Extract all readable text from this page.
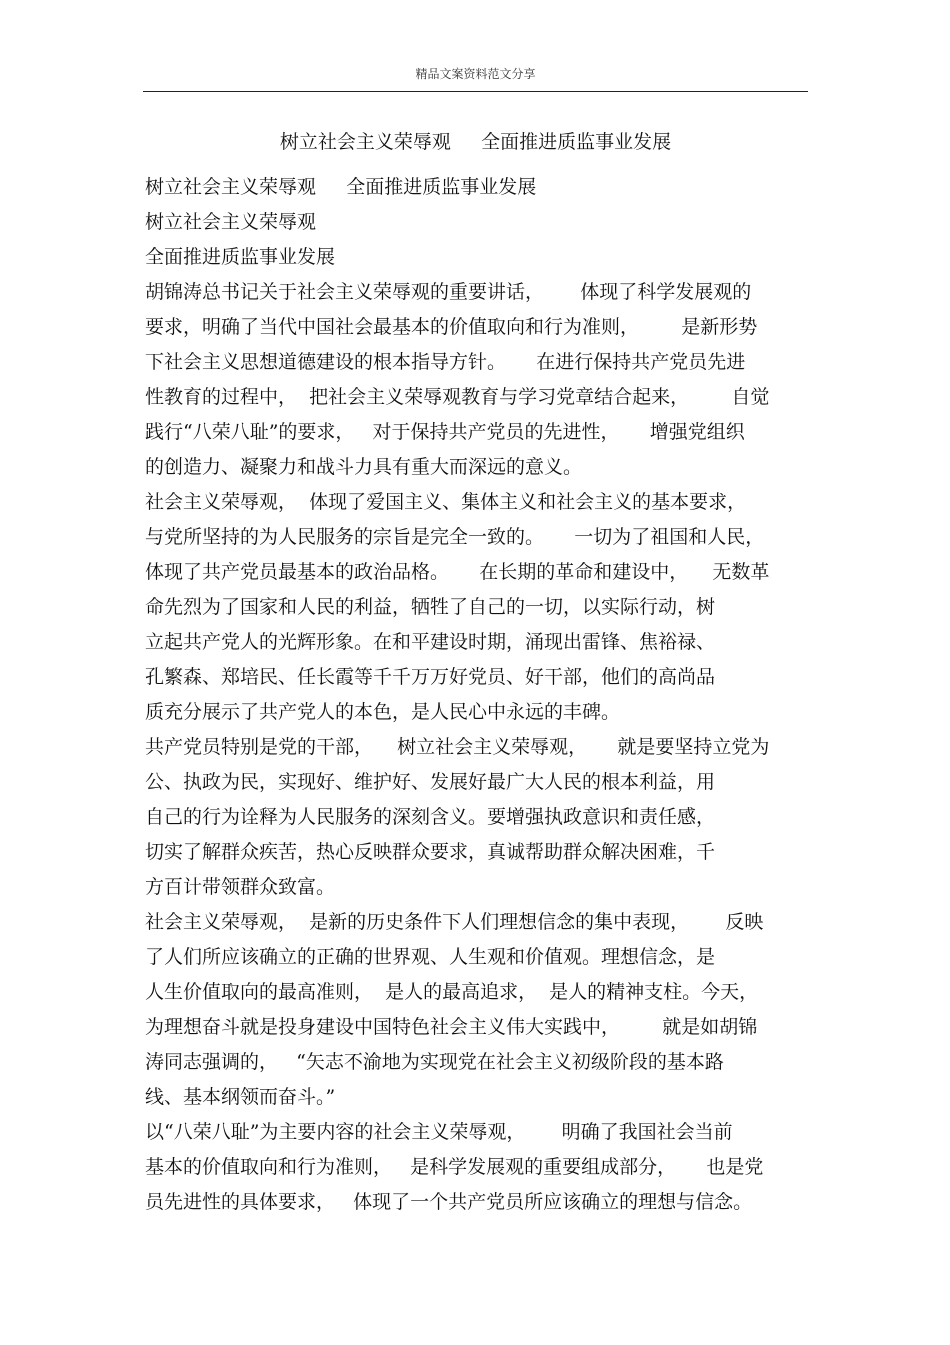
精品文案资料范文分享
树立社会主义荣辱观     全面推进质监事业发展
树立社会主义荣辱观     全面推进质监事业发展
树立社会主义荣辱观
全面推进质监事业发展
胡锦涛总书记关于社会主义荣辱观的重要讲话，      体现了科学发展观的
要求，明确了当代中国社会最基本的价值取向和行为准则，       是新形势
下社会主义思想道德建设的根本指导方针。     在进行保持共产党员先进
性教育的过程中，  把社会主义荣辱观教育与学习党章结合起来，       自觉
践行“八荣八耻”的要求，   对于保持共产党员的先进性，     增强党组织
的创造力、凝聚力和战斗力具有重大而深远的意义。
社会主义荣辱观，  体现了爱国主义、集体主义和社会主义的基本要求，
与党所坚持的为人民服务的宗旨是完全一致的。     一切为了祖国和人民，
体现了共产党员最基本的政治品格。     在长期的革命和建设中，    无数革
命先烈为了国家和人民的利益，牺牲了自己的一切，以实际行动，树
立起共产党人的光辉形象。在和平建设时期，涌现出雷锋、焦裕禄、
孔繁森、郑培民、任长霞等千千万万好党员、好干部，他们的高尚品
质充分展示了共产党人的本色，是人民心中永远的丰碑。
共产党员特别是党的干部，    树立社会主义荣辱观，     就是要坚持立党为
公、执政为民，实现好、维护好、发展好最广大人民的根本利益，用
自己的行为诠释为人民服务的深刻含义。要增强执政意识和责任感，
切实了解群众疾苦，热心反映群众要求，真诚帮助群众解决困难，千
方百计带领群众致富。
社会主义荣辱观，  是新的历史条件下人们理想信念的集中表现，      反映
了人们所应该确立的正确的世界观、人生观和价值观。理想信念，是
人生价值取向的最高准则，  是人的最高追求，  是人的精神支柱。今天，
为理想奋斗就是投身建设中国特色社会主义伟大实践中，       就是如胡锦
涛同志强调的，   “矢志不渝地为实现党在社会主义初级阶段的基本路
线、基本纲领而奋斗。”
以“八荣八耻”为主要内容的社会主义荣辱观，      明确了我国社会当前
基本的价值取向和行为准则，   是科学发展观的重要组成部分，     也是党
员先进性的具体要求，   体现了一个共产党员所应该确立的理想与信念。
